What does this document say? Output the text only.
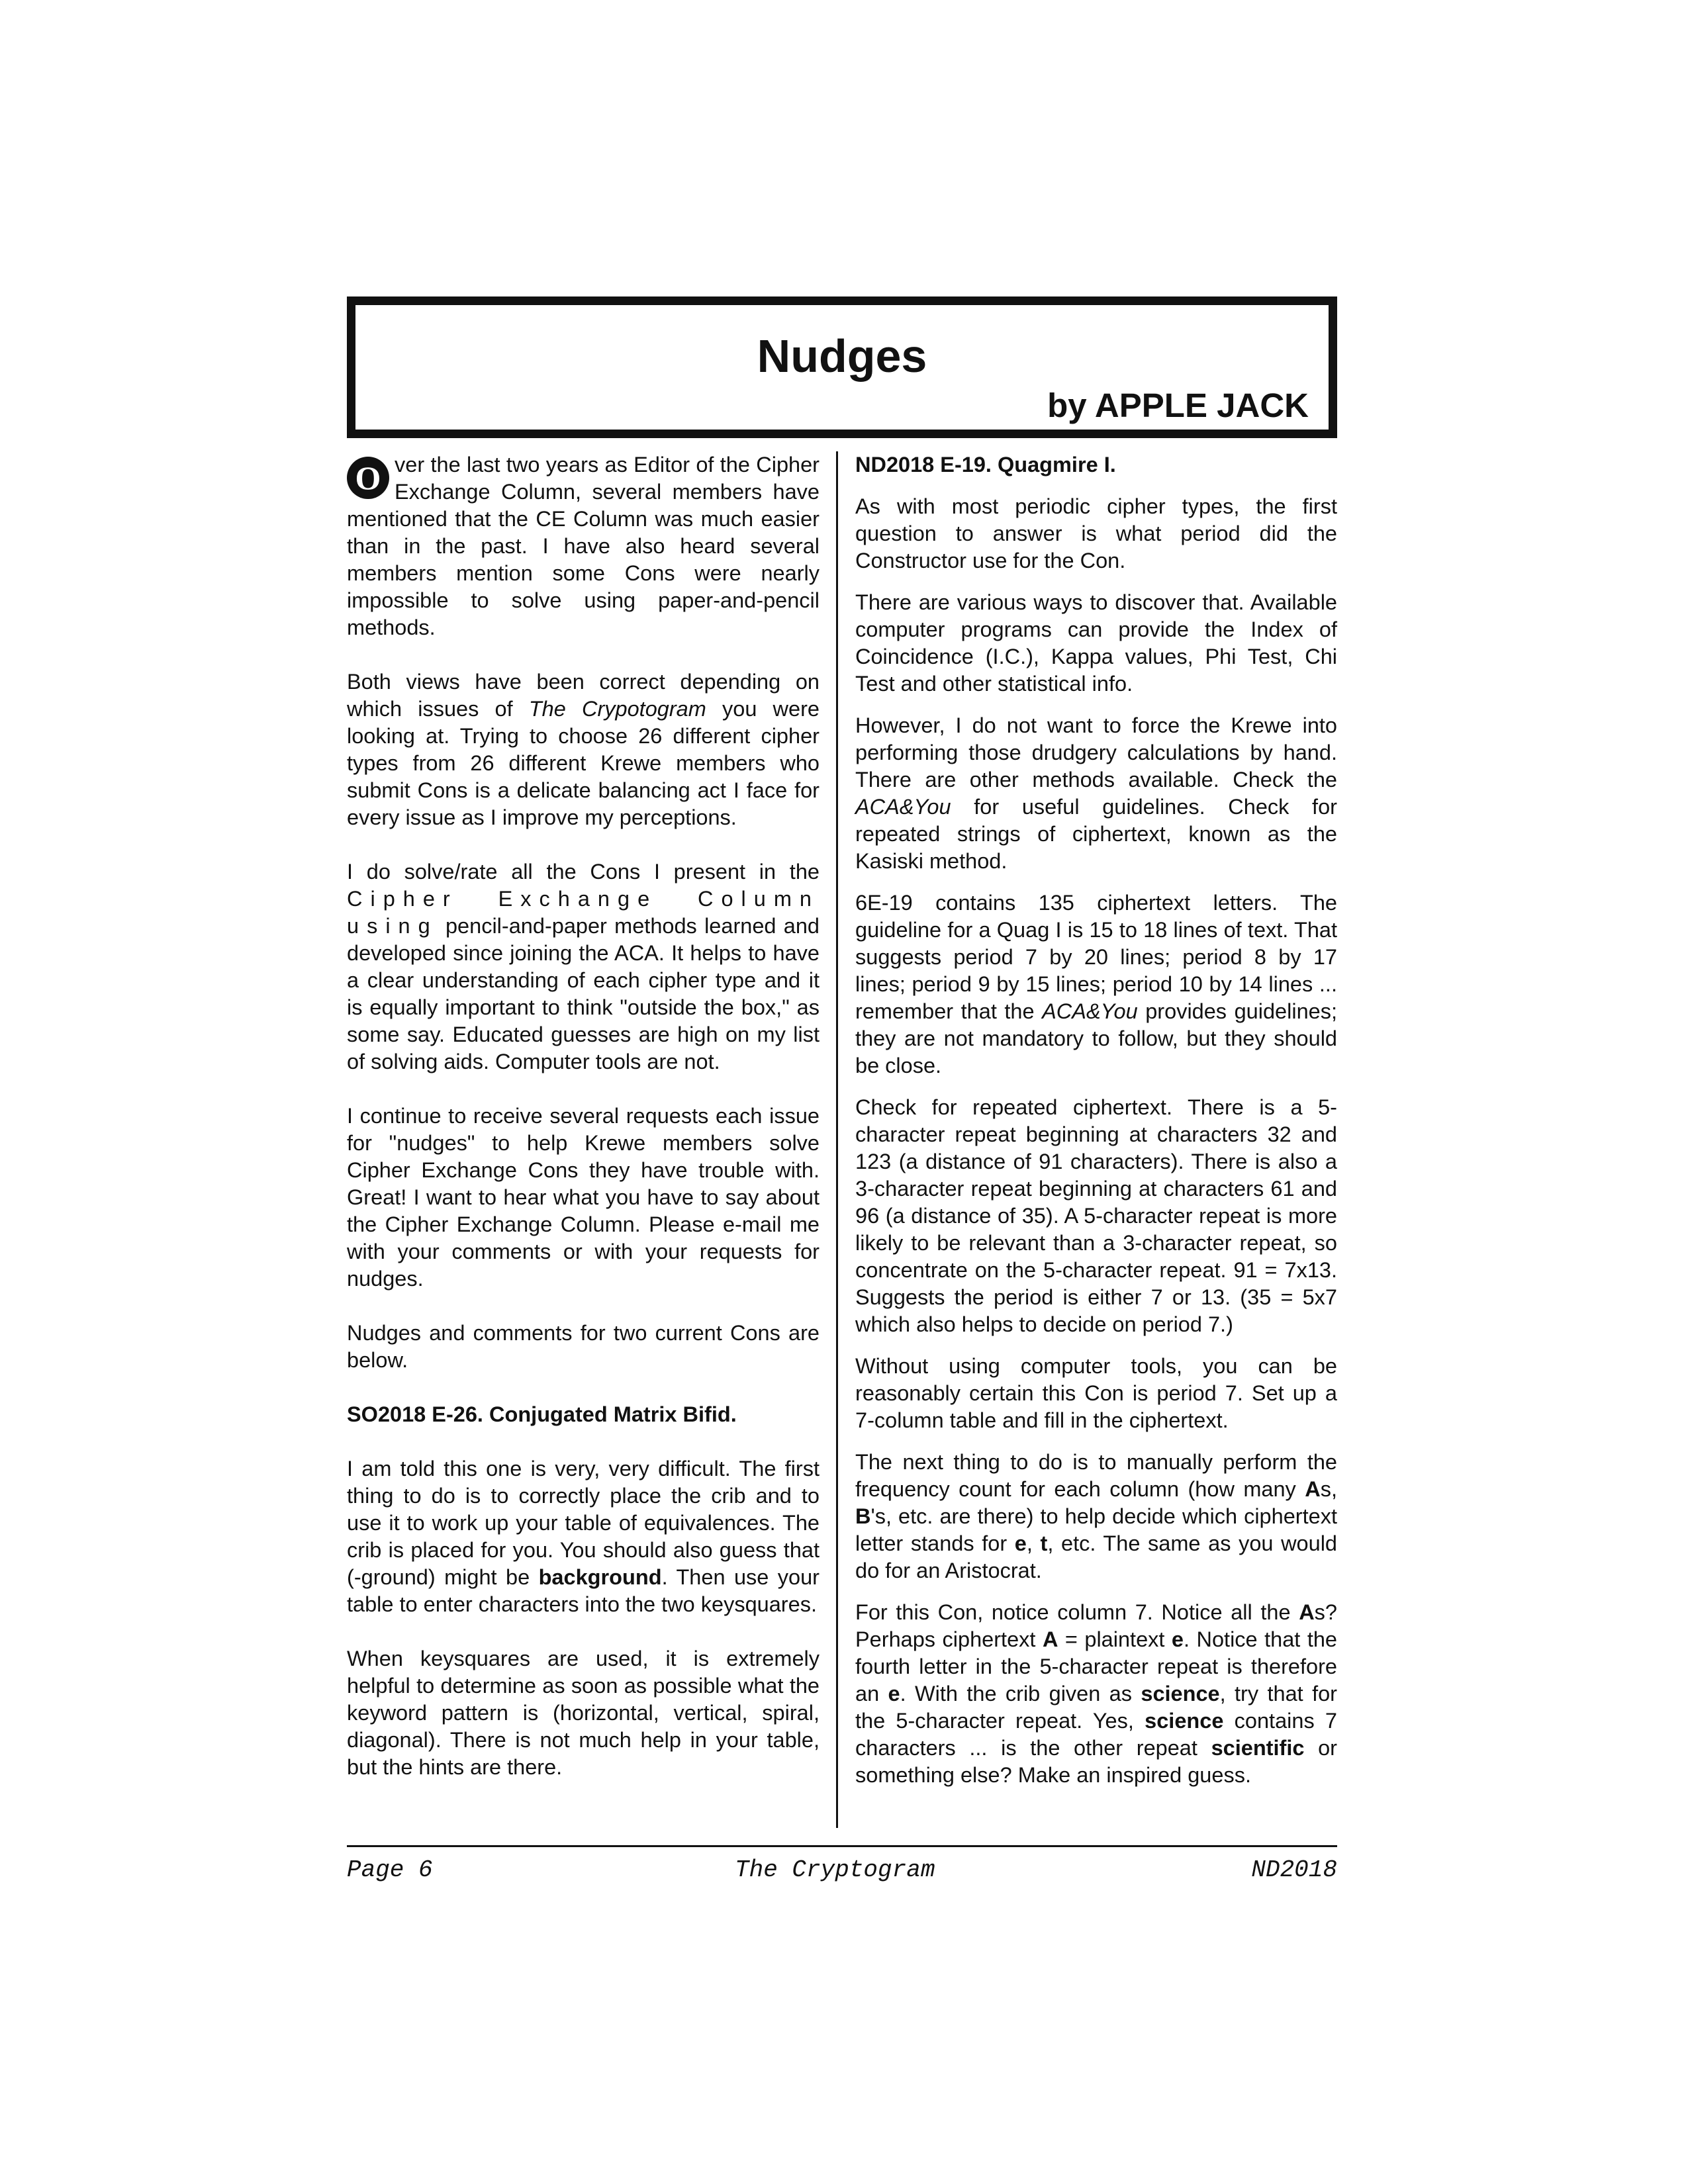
Nudges
by APPLE JACK

O ver the last two years as Editor of the Cipher Exchange Column, several members have mentioned that the CE Column was much easier than in the past. I have also heard several members mention some Cons were nearly impossible to solve using paper-and-pencil methods.

Both views have been correct depending on which issues of The Crypotogram you were looking at. Trying to choose 26 different cipher types from 26 different Krewe members who submit Cons is a delicate balancing act I face for every issue as I improve my perceptions.

I do solve/rate all the Cons I present in the Cipher Exchange Column using pencil-and-paper methods learned and developed since joining the ACA. It helps to have a clear understanding of each cipher type and it is equally important to think "outside the box," as some say. Educated guesses are high on my list of solving aids. Computer tools are not.

I continue to receive several requests each issue for "nudges" to help Krewe members solve Cipher Exchange Cons they have trouble with. Great! I want to hear what you have to say about the Cipher Exchange Column. Please e-mail me with your comments or with your requests for nudges.

Nudges and comments for two current Cons are below.

SO2018 E-26. Conjugated Matrix Bifid.

I am told this one is very, very difficult. The first thing to do is to correctly place the crib and to use it to work up your table of equivalences. The crib is placed for you. You should also guess that (-ground) might be background. Then use your table to enter characters into the two keysquares.

When keysquares are used, it is extremely helpful to determine as soon as possible what the keyword pattern is (horizontal, vertical, spiral, diagonal). There is not much help in your table, but the hints are there.

ND2018 E-19. Quagmire I.

As with most periodic cipher types, the first question to answer is what period did the Constructor use for the Con.

There are various ways to discover that. Available computer programs can provide the Index of Coincidence (I.C.), Kappa values, Phi Test, Chi Test and other statistical info.

However, I do not want to force the Krewe into performing those drudgery calculations by hand. There are other methods available. Check the ACA&You for useful guidelines. Check for repeated strings of ciphertext, known as the Kasiski method.

6E-19 contains 135 ciphertext letters. The guideline for a Quag I is 15 to 18 lines of text. That suggests period 7 by 20 lines; period 8 by 17 lines; period 9 by 15 lines; period 10 by 14 lines ... remember that the ACA&You provides guidelines; they are not mandatory to follow, but they should be close.

Check for repeated ciphertext. There is a 5-character repeat beginning at characters 32 and 123 (a distance of 91 characters). There is also a 3-character repeat beginning at characters 61 and 96 (a distance of 35). A 5-character repeat is more likely to be relevant than a 3-character repeat, so concentrate on the 5-character repeat. 91 = 7x13. Suggests the period is either 7 or 13. (35 = 5x7 which also helps to decide on period 7.)

Without using computer tools, you can be reasonably certain this Con is period 7. Set up a 7-column table and fill in the ciphertext.

The next thing to do is to manually perform the frequency count for each column (how many As, B's, etc. are there) to help decide which ciphertext letter stands for e, t, etc. The same as you would do for an Aristocrat.

For this Con, notice column 7. Notice all the As? Perhaps ciphertext A = plaintext e. Notice that the fourth letter in the 5-character repeat is therefore an e. With the crib given as science, try that for the 5-character repeat. Yes, science contains 7 characters ... is the other repeat scientific or something else? Make an inspired guess.

Page 6	The Cryptogram	ND2018
